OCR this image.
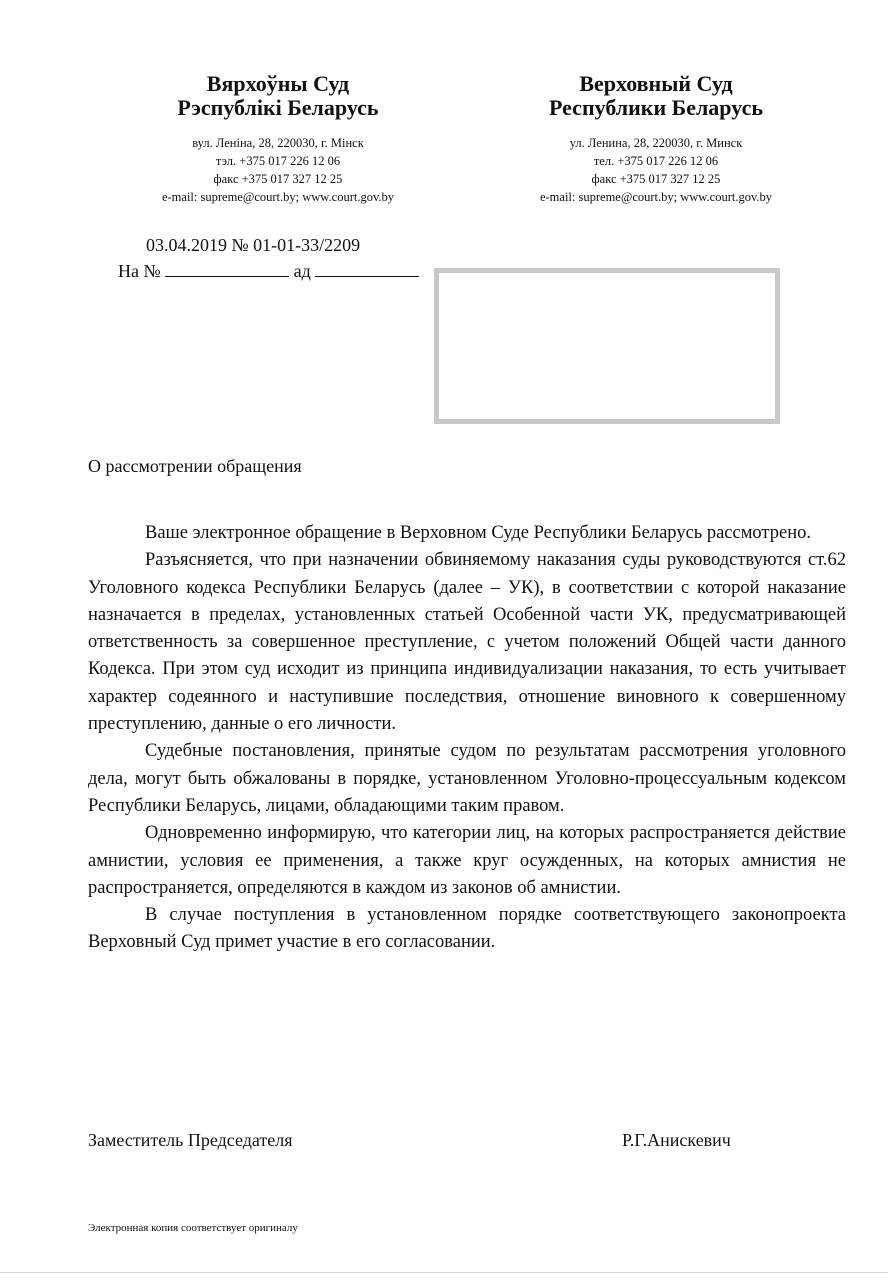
Вярхоўны Суд

Рэспублікі Беларусь

вул. Леніна, 28, 220030, г. Мінск

тэл. +375 017 226 12 06

факс +375 017 327 12 25

e-mail: supreme@court.by; www.court.gov.by

Верховный Суд

Республики Беларусь

ул. Ленина, 28, 220030, г. Минск

тел. +375 017 226 12 06

факс +375 017 327 12 25

e-mail: supreme@court.by; www.court.gov.by

03.04.2019 № 01-01-33/2209
На №	ад
О рассмотрении обращения

Ваше электронное обращение в Верховном Суде Республики Беларусь рассмотрено.

Разъясняется, что при назначении обвиняемому наказания суды руководствуются ст.62 Уголовного кодекса Республики Беларусь (далее – УК), в соответствии с которой наказание назначается в пределах, установленных статьей Особенной части УК, предусматривающей ответственность за совершенное преступление, с учетом положений Общей части данного Кодекса. При этом суд исходит из принципа индивидуализации наказания, то есть учитывает характер содеянного и наступившие последствия, отношение виновного к совершенному преступлению, данные о его личности.

Судебные постановления, принятые судом по результатам рассмотрения уголовного дела, могут быть обжалованы в порядке, установленном Уголовно-процессуальным кодексом Республики Беларусь, лицами, обладающими таким правом.

Одновременно информирую, что категории лиц, на которых распространяется действие амнистии, условия ее применения, а также круг осужденных, на которых амнистия не распространяется, определяются в каждом из законов об амнистии.

В случае поступления в установленном порядке соответствующего законопроекта Верховный Суд примет участие в его согласовании.

Заместитель Председателя	Р.Г.Анискевич
Электронная копия соответствует оригиналу
